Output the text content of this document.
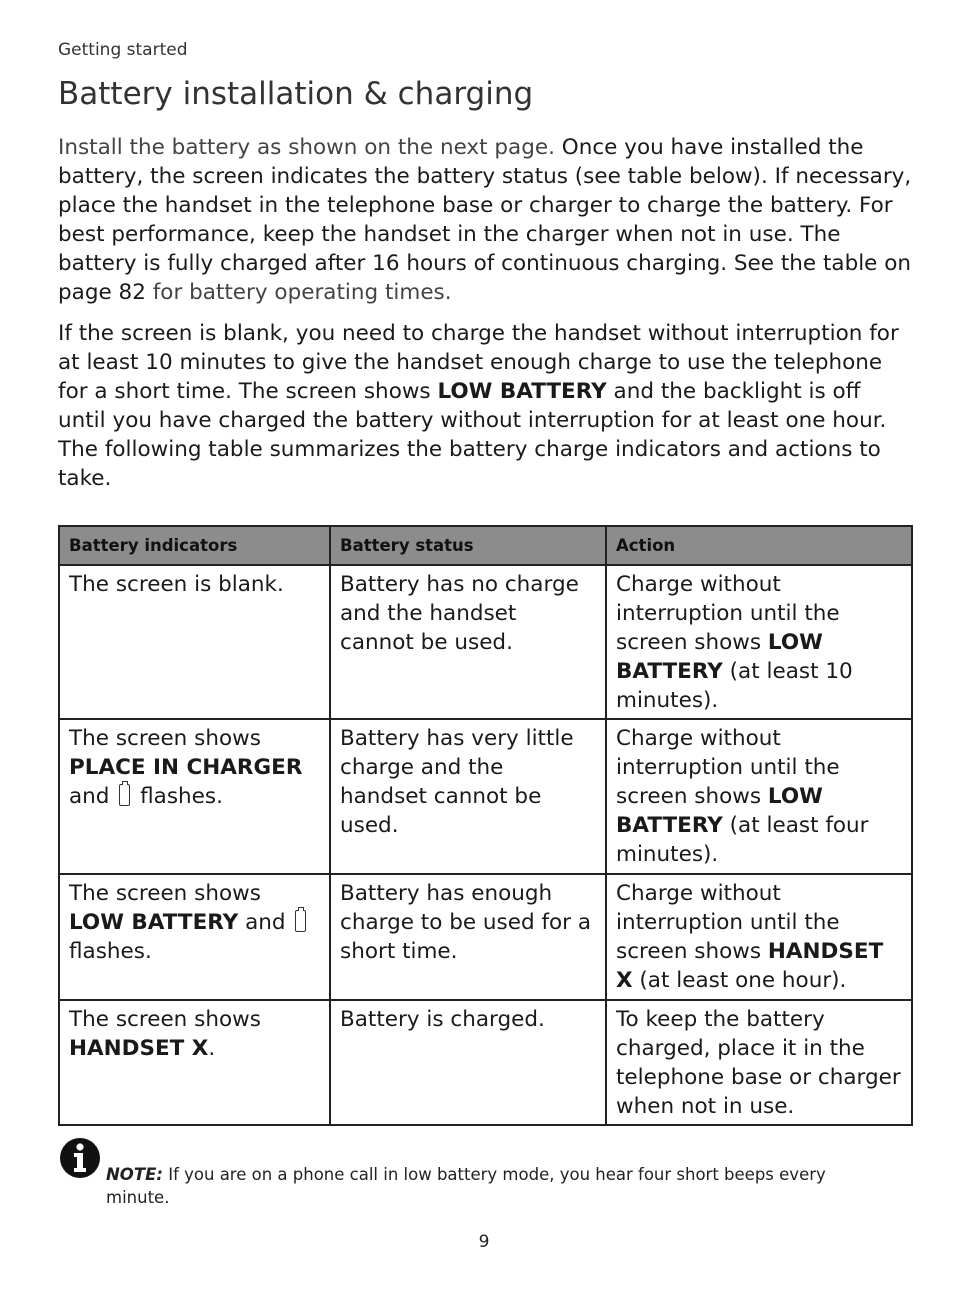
Getting started
Battery installation & charging

Install the battery as shown on the next page. Once you have installed the battery, the screen indicates the battery status (see table below). If necessary, place the handset in the telephone base or charger to charge the battery. For best performance, keep the handset in the charger when not in use. The battery is fully charged after 16 hours of continuous charging. See the table on page 82 for battery operating times.

If the screen is blank, you need to charge the handset without interruption for at least 10 minutes to give the handset enough charge to use the telephone for a short time. The screen shows LOW BATTERY and the backlight is off until you have charged the battery without interruption for at least one hour. The following table summarizes the battery charge indicators and actions to take.

Battery indicators	Battery status	Action
The screen is blank.	Battery has no charge and the handset cannot be used.	Charge without interruption until the screen shows LOW BATTERY (at least 10 minutes).
The screen shows PLACE IN CHARGER and  flashes.	Battery has very little charge and the handset cannot be used.	Charge without interruption until the screen shows LOW BATTERY (at least four minutes).
The screen shows LOW BATTERY and  flashes.	Battery has enough charge to be used for a short time.	Charge without interruption until the screen shows HANDSET X (at least one hour).
The screen shows HANDSET X.	Battery is charged.	To keep the battery charged, place it in the telephone base or charger when not in use.

NOTE: If you are on a phone call in low battery mode, you hear four short beeps every minute.

9
